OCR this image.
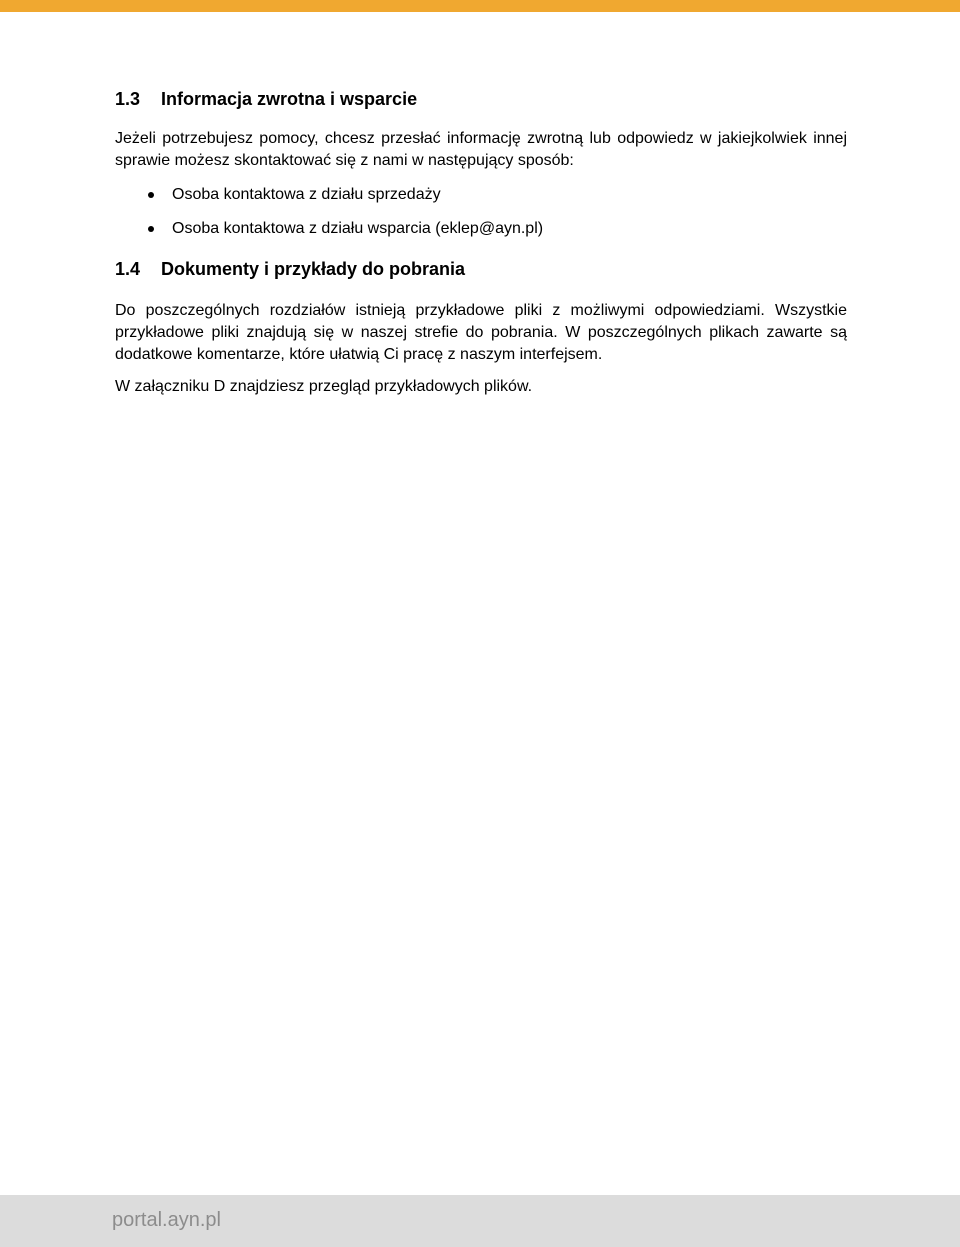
1.3	Informacja zwrotna i wsparcie

Jeżeli potrzebujesz pomocy, chcesz przesłać informację zwrotną lub odpowiedz w jakiejkolwiek innej sprawie możesz skontaktować się z nami w następujący sposób:

Osoba kontaktowa z działu sprzedaży
Osoba kontaktowa z działu wsparcia (eklep@ayn.pl)
1.4	Dokumenty i przykłady do pobrania

Do poszczególnych rozdziałów istnieją przykładowe pliki z możliwymi odpowiedziami. Wszystkie przykładowe pliki znajdują się w naszej strefie do pobrania. W poszczególnych plikach zawarte są dodatkowe komentarze, które ułatwią Ci pracę z naszym interfejsem.

W załączniku D znajdziesz przegląd przykładowych plików.

portal.ayn.pl
